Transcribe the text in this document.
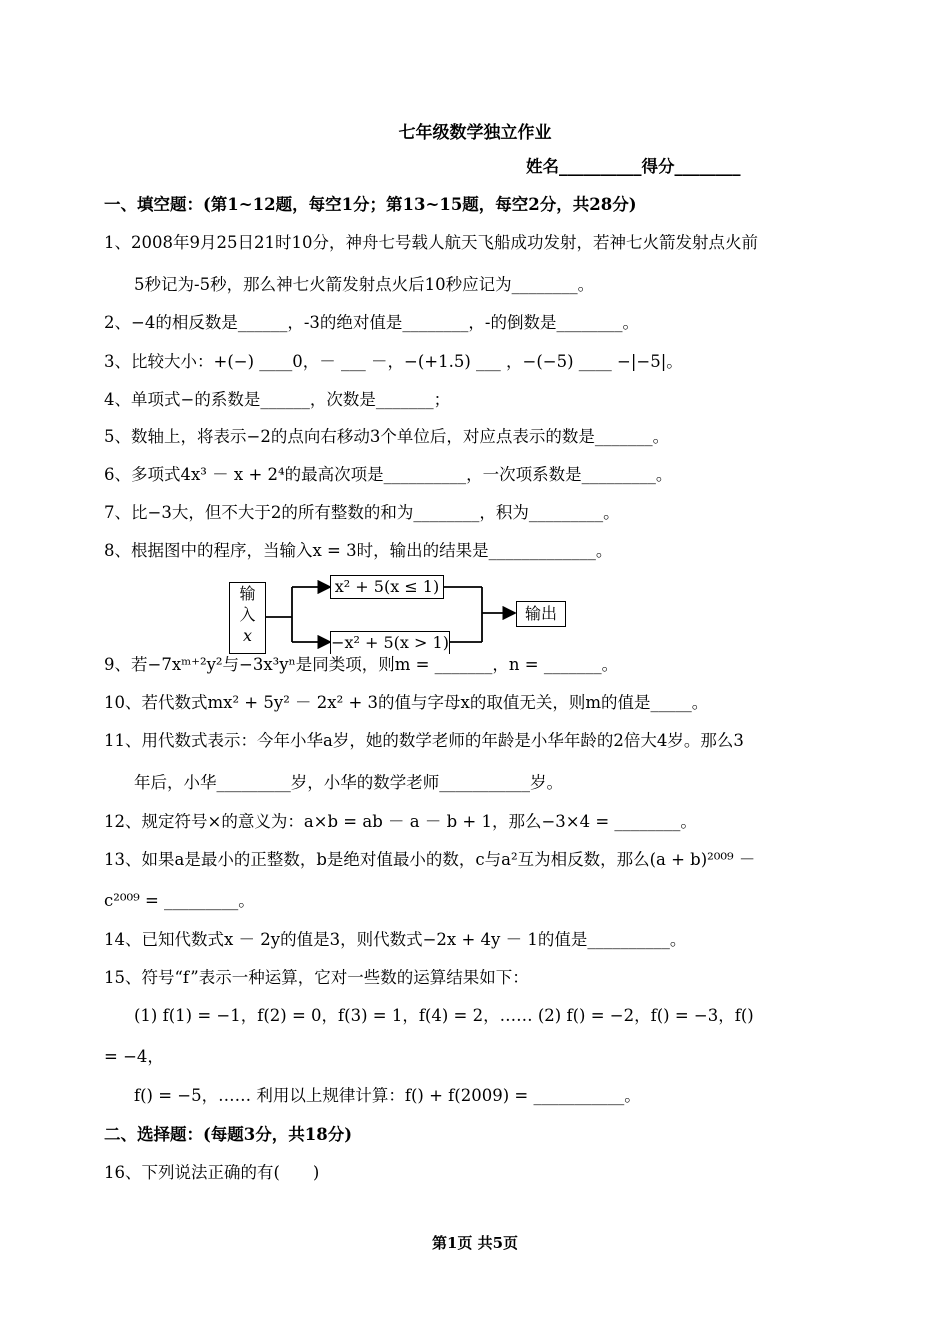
七年级数学独立作业
姓名__________得分________
一、填空题：(第1~12题，每空1分；第13~15题，每空2分，共28分)
1、2008年9月25日21时10分，神舟七号载人航天飞船成功发射，若神七火箭发射点火前
5秒记为-5秒，那么神七火箭发射点火后10秒应记为________。
2、−4的相反数是______，-3的绝对值是________，-的倒数是________。
3、比较大小：+(−) ____0，－ ___ －，−(+1.5) ___ ，−(−5) ____ −|−5|。
4、单项式−的系数是______，次数是_______；
5、数轴上，将表示−2的点向右移动3个单位后，对应点表示的数是_______。
6、多项式4x³ － x + 2⁴的最高次项是__________，一次项系数是_________。
7、比−3大，但不大于2的所有整数的和为________，积为_________。
8、根据图中的程序，当输入x = 3时，输出的结果是_____________。
输
入
x
x² + 5(x ≤ 1)
−x² + 5(x > 1)
输出
9、若−7xᵐ⁺²y²与−3x³yⁿ是同类项，则m = _______，n = _______。
10、若代数式mx² + 5y² － 2x² + 3的值与字母x的取值无关，则m的值是_____。
11、用代数式表示：今年小华a岁，她的数学老师的年龄是小华年龄的2倍大4岁。那么3
年后，小华_________岁，小华的数学老师___________岁。
12、规定符号×的意义为：a×b = ab － a － b + 1，那么−3×4 = ________。
13、如果a是最小的正整数，b是绝对值最小的数，c与a²互为相反数，那么(a + b)²⁰⁰⁹ －
c²⁰⁰⁹ = _________。
14、已知代数式x － 2y的值是3，则代数式−2x + 4y － 1的值是__________。
15、符号“f”表示一种运算，它对一些数的运算结果如下：
(1) f(1) = −1，f(2) = 0，f(3) = 1，f(4) = 2，…… (2) f() = −2，f() = −3，f()
= −4，
f() = −5，…… 利用以上规律计算：f() + f(2009) = ___________。
二、选择题：(每题3分，共18分)
16、下列说法正确的有(　　)
第1页 共5页
